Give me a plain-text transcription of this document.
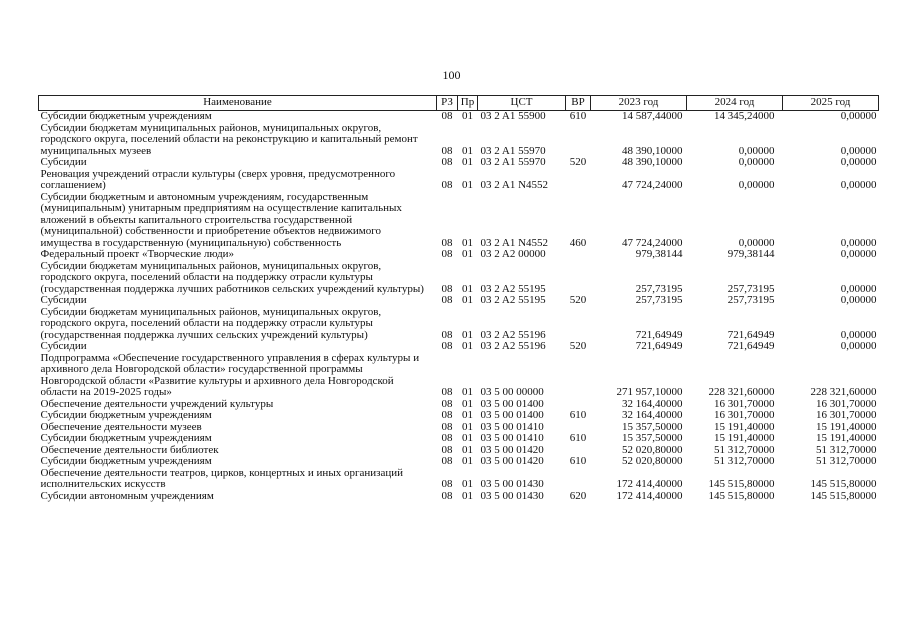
100
Наименование	РЗ	Пр	ЦСТ	ВР	2023 год	2024 год	2025 год
Субсидии бюджетным учреждениям	08	01	03 2 A1 55900	610	14 587,44000	14 345,24000	0,00000
Субсидии бюджетам муниципальных районов, муниципальных округов, городского округа, поселений области на реконструкцию и капитальный ремонт муниципальных музеев	08	01	03 2 A1 55970		48 390,10000	0,00000	0,00000
Субсидии	08	01	03 2 A1 55970	520	48 390,10000	0,00000	0,00000
Реновация учреждений отрасли культуры (сверх уровня, предусмотренного соглашением)	08	01	03 2 A1 N4552		47 724,24000	0,00000	0,00000
Субсидии бюджетным и автономным учреждениям, государственным (муниципальным) унитарным предприятиям на осуществление капитальных вложений в объекты капитального строительства государственной (муниципальной) собственности и приобретение объектов недвижимого имущества в государственную (муниципальную) собственность	08	01	03 2 A1 N4552	460	47 724,24000	0,00000	0,00000
Федеральный проект «Творческие люди»	08	01	03 2 A2 00000		979,38144	979,38144	0,00000
Субсидии бюджетам муниципальных районов, муниципальных округов, городского округа, поселений области на поддержку отрасли культуры (государственная поддержка лучших работников сельских учреждений культуры)	08	01	03 2 A2 55195		257,73195	257,73195	0,00000
Субсидии	08	01	03 2 A2 55195	520	257,73195	257,73195	0,00000
Субсидии бюджетам муниципальных районов, муниципальных округов, городского округа, поселений области на поддержку отрасли культуры (государственная поддержка лучших сельских учреждений культуры)	08	01	03 2 A2 55196		721,64949	721,64949	0,00000
Субсидии	08	01	03 2 A2 55196	520	721,64949	721,64949	0,00000
Подпрограмма «Обеспечение государственного управления в сферах культуры и архивного дела Новгородской области» государственной программы Новгородской области «Развитие культуры и архивного дела Новгородской области на 2019-2025 годы»	08	01	03 5 00 00000		271 957,10000	228 321,60000	228 321,60000
Обеспечение деятельности учреждений культуры	08	01	03 5 00 01400		32 164,40000	16 301,70000	16 301,70000
Субсидии бюджетным учреждениям	08	01	03 5 00 01400	610	32 164,40000	16 301,70000	16 301,70000
Обеспечение деятельности музеев	08	01	03 5 00 01410		15 357,50000	15 191,40000	15 191,40000
Субсидии бюджетным учреждениям	08	01	03 5 00 01410	610	15 357,50000	15 191,40000	15 191,40000
Обеспечение деятельности библиотек	08	01	03 5 00 01420		52 020,80000	51 312,70000	51 312,70000
Субсидии бюджетным учреждениям	08	01	03 5 00 01420	610	52 020,80000	51 312,70000	51 312,70000
Обеспечение деятельности театров, цирков, концертных и иных организаций исполнительских искусств	08	01	03 5 00 01430		172 414,40000	145 515,80000	145 515,80000
Субсидии автономным учреждениям	08	01	03 5 00 01430	620	172 414,40000	145 515,80000	145 515,80000
